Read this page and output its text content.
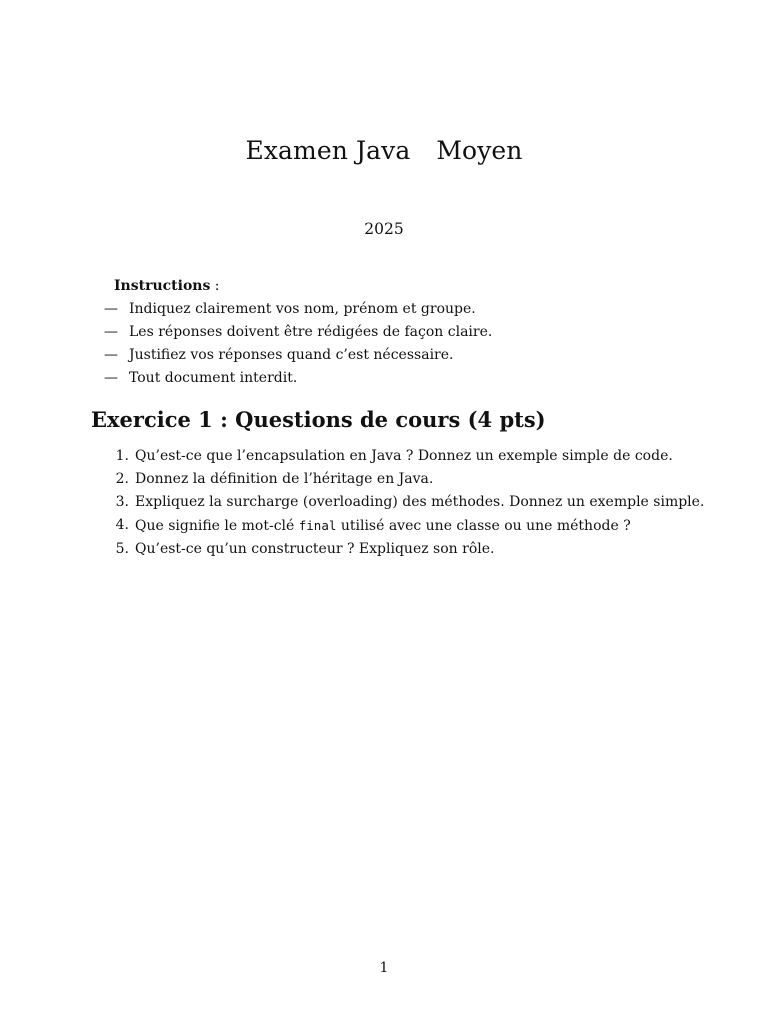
Examen Java Moyen
2025
Instructions :
— Indiquez clairement vos nom, prénom et groupe.
— Les réponses doivent être rédigées de façon claire.
— Justifiez vos réponses quand c’est nécessaire.
— Tout document interdit.
Exercice 1 : Questions de cours (4 pts)
1. Qu’est-ce que l’encapsulation en Java ? Donnez un exemple simple de code.
2. Donnez la définition de l’héritage en Java.
3. Expliquez la surcharge (overloading) des méthodes. Donnez un exemple simple.
4. Que signifie le mot-clé final utilisé avec une classe ou une méthode ?
5. Qu’est-ce qu’un constructeur ? Expliquez son rôle.
1
